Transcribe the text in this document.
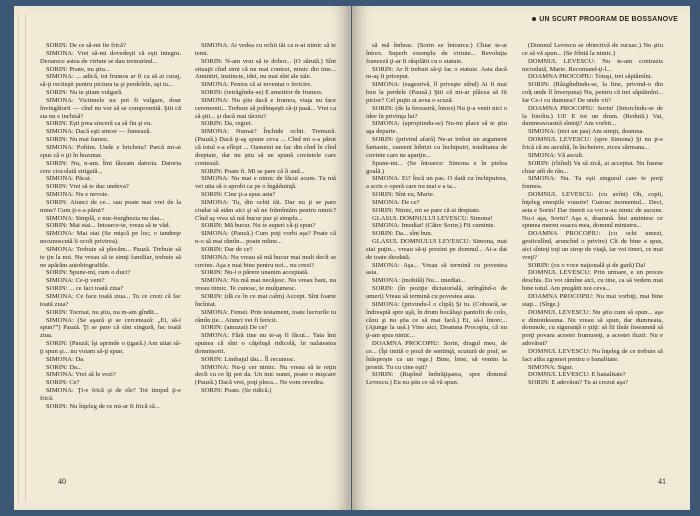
SORIN: De ce să-mi fie frică?

SIMONA: Vrei să-mi dovedeşti că eşti integru. Deoarece astea de virtute se dau tremurind...

SORIN: Poate, nu ştiu...

SIMONA: ... adică, tot frumos ar fi ca să ai curaj, să-ţi reciteşti pentru pictura ta şi perdelele, aşi tu...

SORIN: Nu te ştiam vulgară.

SIMONA: Victimele nu pot fi vulgare, doar învingătorii — cînd nu vor să se compromită. Ştii că sta nu e inchisă?

SORIN: Eşti prea sinceră ca să fiu şi eu.

SIMONA: Dacă eşti sincer — fumează.

SORIN: Nu mai fumez.

SIMONA: Poftim. Unde e bricheta? Parcă mi-ai spus că o ţii în buzunar.

SORIN: Nu, n-am. Îmi făceam datoria. Datoria cere ciocolată strigată...

SIMONA: Păcat.

SORIN: Vrei să te duc undeva?

SIMONA: Nu e nevoie.

SORIN: Atunci de ce... sau poate mai vrei de la mine? Cum ţi-s-a părut?

SIMONA: Simplă, o nuc-burghezia nu dau...

SORIN: Mai stai... Intoarce-te, vreau să te văd.

SIMONA: Mai stai (Se mişcă pe loc; o tandreţe necunoscută îi ocoli privirea).

SIMONA: Trebuie să plecăm... Pauză. Trebuie să te ţin la noi. Nu vreau să te simţi familiar, trebuie să ne apărăm autobiografiile.

SORIN: Spune-mi, cum o duci?

SIMONA: Ce-ţi veni?

SORIN: ... ce faci toată ziua?

SIMONA: Ce face toată ziua... Tu ce crezi că fac toată ziua?

SORIN: Tocmai, nu ştiu, nu m-am gîndit...

SIMONA: (Se aşază şi se cercetează: „Ei, să-i spun?”) Pauză. Ţi se pare că sînt singură, fac toată ziua.

SORIN: (Pauză; îşi aprinde o ţigară.) Am uitat să-ţi spun şi... nu voiam să-ţi spun.

SIMONA: Da.

SORIN: Da...

SIMONA: Vrei să le vezi?

SORIN: Ce?

SIMONA: Ţi-e frică şi de ele? Tot timpul ţi-e frică.

SORIN: Nu înţeleg de ce mi-ar fi frică să...

SIMONA: Ai vedea cu ochii tăi ca n-ai nimic să te temi.

SORIN: N-am vrut să te dobor... (O sărută.) Sînt situaţii cînd simt că nu mai contezi, nimic din tine... Amintiri, instincte, idei, nu mai sînt ale tale.

SIMONA: Pentru că ai inventat o fericire.

SORIN: (retrăgîndu-se) E ametitor de frumos.

SIMONA: Nu ştiu dacă e frumos, viaţa nu face ceremonii... Trebuie să prăbuşeşti că-ţi pasă... Vrei ca să ştii... și dacă mai târziu?

SORIN: Da, regret.

SIMONA: Numai? Închide ochii. Tremură. (Pauză.) Dacă ţi-aş spune ceva ... Cînd mi s-a părut că totul s-a sfîrşit ... Oamenii ne fac din cînd în cînd dreptate, dar nu ştiu să ne spună cuvintele care contează.

SORIN: Poate fi. Mi se pare că îi aud...

SIMONA: Nu mai e nimic de făcut acum. Tu mă vei uita să o aprobi ca pe o îngăduinţă.

SORIN: Cine ţi-a spus asta?

SIMONA: Tu, din ochii tăi. Dar nu ţi se pare ciudat să stăm aici şi să ne frămîntăm pentru nimic? Cînd aş vrea să mă bucur pur şi simplu...

SORIN: Mă bucur. Nu te superi că-ţi spun?

SIMONA: (Pauză.) Cum poţi vorbi aşa? Poate că n-o să mai rămîn... poate mîine...

SORIN: Dar de ce?

SIMONA: Nu vreau să mă bucur mai mult decît se cuvine. Aşa e mai bine pentru noi... nu crezi?

SORIN: Nu-i o părere unanim acceptată.

SIMONA: Nu mă mai necăjesc. Nu vreau bani, nu vreau nimic. Te cunosc, te mulţumesc.

SORIN: (dă ce în ce mai calm) Accept. Sînt foarte încîntat.

SIMONA: Femei. Prin testament, toate lucrurile tu râmîn ție... Atunci vei fi fericit.

SORIN: (amuzat) De ce?

SIMONA: Fără tine nu te-aş fi făcut... Tata îmi spunea că sînt o căţeluşă ridicolă, în nalatestea domnișorii.

SORIN: Limbajul tău... Îl recunosc.

SIMONA: Nu-ţi cer nimic. Nu vreau să te reţin decît cu ce îţi pot da. Un mic sunet, poate o mişcare (Pauză.) Dacă vrei, poţi pleca... Ne vom revedea.

SORIN: Poate. (Se ridică.)

40
UN SCURT PROGRAM DE BOSSANOVE

să mă îmbrac. (Sorin se întoarce.) Chiar te-ai întors. Superb exemplu de virtute... Revoluţia franceză ţi-ar fi răsplătit cu o statuie.

SORIN: Ar fi trebuit să-ţi fac o statuie. Asta dacă m-aş fi priceput.

SIMONA: (sugestivă, îl priveşte stînd) Ai fi mai bun la perdele (Pauză.) Ştii că mi-ar plăcea să fii pictor? Cel puţin ai avea o scuză.

SORIN: (de la fereastră, întors) Nu ţi-a venit nici o idee în privinţa lui?

SIMONA: (apropiindu-se) Nu-mi place să te ştiu aşa departe.

SORIN: (privind afară) Ne-ar trebui un argument fantastic, oameni hibrizi cu închipuiri, totalitatea de cuvinte care ne aparţin...

Spune-mi... (Se întoarce: Simona e în pielea goală.)

SIMONA: Ei? Încă un pas. O dată cu închipuirea, a scris o operă care nu mai e a ta...

SORIN: Sînt eu, Marie.

SIMONA: De ce?

SORIN: Nimic, mi se pare că ai dreptate.

GLASUL DOMNULUI LEVESCU: Simona!

SIMONA: Imediat! (Către Sorin.) Fii cuminte.

SORIN: Da... sînt bun.

GLASUL DOMNULUI LEVESCU: Simona, mai stai puţin... vreau să-ţi prezint pe domnul... Ai-a dat de toate deodată.

SIMONA: Aşa... Vreau să termină cu povestea asta.

SIMONA: (mobilă) Nu... imediat...

SORIN: (în poziţie dictatorială, strîngînd-o de umeri) Vreau să termină cu povestea asta.

SIMONA: (privindu-l o clipă) Şi tu. (Coboară, se îndreaptă spre uşă, în drum bocăluşi pantofii de colo, căzu şi nu ştia ce să mai facă.) Ei, să-l întorc... (Ajunge la ușă.) Vino aici, Doamna Procopiu, că nu ţi-am spus nimic...

DOAMNA PROCOPIU: Sorin, dragul meu, de ce... (Îşi imită o poză de sentinţă, scutură de praf, se înăspreşte ca un rege.) Bine, bine, să venim la prostii. Tu cu cine eşti?

SORIN: (Rupînd îmbrăţişarea, spre domnul Levescu.) Eu nu ştiu ce să vă spun.

(Domnul Levescu se obiectivă de rucsac.) Nu ştiu ce să vă spun... (Se frîntă la nimic.)

DOMNUL LEVESCU: Nu te-am contrazis niciodată, Marie. Recomand-ţi-l...

DOAMNA PROCOPIU: Totuşi, trei săptămîni.

SORIN: (Râzgîndindu-se, la fine, privind-o din colţ unde îl înverşuna) Nu, pentru că trei săptămîni... Iar Ce-i cu dumnea? De unde vii?

DOAMNA PROCOPIU: Sorin! (Intorcîndu-se de la fotoliu.) UI! E tot un drum. (Redută.) Vai, dumneavoastră sînteţi? Am vorbit...

SIMONA: (nici un pas) Am simţit, doamna.

DOMNUL LEVESCU: (spre Simona) Şi nu ţi-e frică că ne ascultă, în încheiere, zicea sărmana...

SIMONA: Vă ascult.

SORIN: (rîzînd) Va să zică, ai acceptat. Nu fusese chiar atît de rău...

SIMONA: Nu. Tu eşti singurul care te porţi frumos.

DOMNUL LEVESCU: (cu avînt) Oh, copii, înţeleg emoţiile voastre! Cunosc momentul... Deci, asta e Sorin! Dar tinerii ca voi n-au nimic de ascuns. Nu-i aşa, Sorin? Aşa e, doamnă. Îmi amintesc ce spunea mereu soacra mea, domnul ministru...

DOAMNA PROCOPIU: (cu ochi umezi, gesticulînd, aruncînd o privire) Cît de bine a spus, aici sînteţi toţi un strop de viaţă, iar voi tineri, ce mai vreţi?

SORIN: (cu o voce naţională şi de gură) Da!

DOMNUL LEVESCU: Prin urmare, e un proces deschis. Eu voi rămîne aici, cu tine, ca să vedem mai bine totul. Am pregătit noi ceva...

DOAMNA PROCOPIU: Nu mai vorbiţi, mai bine staţi... (Sîrge.)

DOMNUL LEVESCU: Nu ştiu cum să spun... aşa e dintotdeauna. Nu vreau să spun, dar dumneata, domnule, cu siguranţă o ştiţi: să fii tînăr înseamnă să porţi povara acestei frumuseţi, a acestei iluzii. Nu e adevărat?

DOMNUL LEVESCU: Nu înţeleg de ce trebuie să faci atîta zgomot pentru o banalitate.

SIMONA: Sigur.

DOMNUL LEVESCU: E banalitate?

SORIN: E adevărat? Tu ai crezut aşa?

41
